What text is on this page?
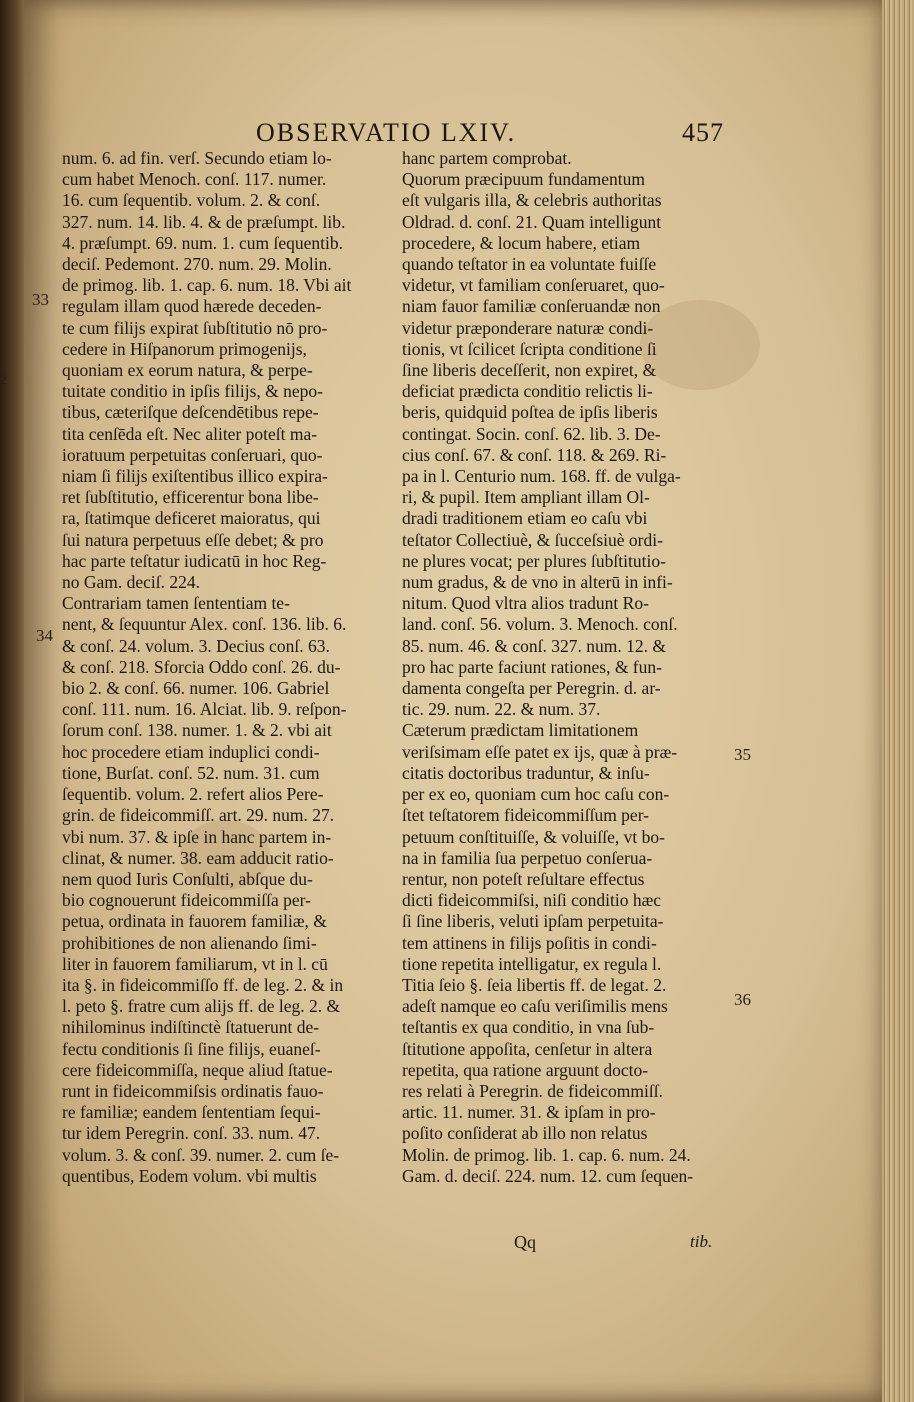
2
OBSERVATIO LXIV.	457
num. 6. ad fin. verſ. Secundo etiam lo-
cum habet Menoch. conſ. 117. numer.
16. cum ſequentib. volum. 2. & conſ.
327. num. 14. lib. 4. & de præſumpt. lib.
4. præſumpt. 69. num. 1. cum ſequentib.
deciſ. Pedemont. 270. num. 29. Molin.
de primog. lib. 1. cap. 6. num. 18. Vbi ait
regulam illam quod hærede deceden-
te cum filijs expirat ſubſtitutio nō pro-
cedere in Hiſpanorum primogenijs,
quoniam ex eorum natura, & perpe-
tuitate conditio in ipſis filijs, & nepo-
tibus, cæteriſque deſcendētibus repe-
tita cenſēda eſt. Nec aliter poteſt ma-
ioratuum perpetuitas conſeruari, quo-
niam ſi filijs exiſtentibus illico expira-
ret ſubſtitutio, efficerentur bona libe-
ra, ſtatimque deficeret maioratus, qui
ſui natura perpetuus eſſe debet; & pro
hac parte teſtatur iudicatū in hoc Reg-
no Gam. deciſ. 224.
Contrariam tamen ſententiam te-
nent, & ſequuntur Alex. conſ. 136. lib. 6.
& conſ. 24. volum. 3. Decius conſ. 63.
& conſ. 218. Sforcia Oddo conſ. 26. du-
bio 2. & conſ. 66. numer. 106. Gabriel
conſ. 111. num. 16. Alciat. lib. 9. reſpon-
ſorum conſ. 138. numer. 1. & 2. vbi ait
hoc procedere etiam induplici condi-
tione, Burſat. conſ. 52. num. 31. cum
ſequentib. volum. 2. refert alios Pere-
grin. de fideicommiſſ. art. 29. num. 27.
vbi num. 37. & ipſe in hanc partem in-
clinat, & numer. 38. eam adducit ratio-
nem quod Iuris Conſulti, abſque du-
bio cognouerunt fideicommiſſa per-
petua, ordinata in fauorem familiæ, &
prohibitiones de non alienando ſimi-
liter in fauorem familiarum, vt in l. cū
ita §. in fideicommiſſo ff. de leg. 2. & in
l. peto §. fratre cum alijs ff. de leg. 2. &
nihilominus indiſtinctè ſtatuerunt de-
fectu conditionis ſi ſine filijs, euaneſ-
cere fideicommiſſa, neque aliud ſtatue-
runt in fideicommiſsis ordinatis fauo-
re familiæ; eandem ſententiam ſequi-
tur idem Peregrin. conſ. 33. num. 47.
volum. 3. & conſ. 39. numer. 2. cum ſe-
quentibus, Eodem volum. vbi multis
hanc partem comprobat.
Quorum præcipuum fundamentum
eſt vulgaris illa, & celebris authoritas
Oldrad. d. conſ. 21. Quam intelligunt
procedere, & locum habere, etiam
quando teſtator in ea voluntate fuiſſe
videtur, vt familiam conſeruaret, quo-
niam fauor familiæ conſeruandæ non
videtur præponderare naturæ condi-
tionis, vt ſcilicet ſcripta conditione ſi
ſine liberis deceſſerit, non expiret, &
deficiat prædicta conditio relictis li-
beris, quidquid poſtea de ipſis liberis
contingat. Socin. conſ. 62. lib. 3. De-
cius conſ. 67. & conſ. 118. & 269. Ri-
pa in l. Centurio num. 168. ff. de vulga-
ri, & pupil. Item ampliant illam Ol-
dradi traditionem etiam eo caſu vbi
teſtator Collectiuè, & ſucceſsiuè ordi-
ne plures vocat; per plures ſubſtitutio-
num gradus, & de vno in alterū in infi-
nitum. Quod vltra alios tradunt Ro-
land. conſ. 56. volum. 3. Menoch. conſ.
85. num. 46. & conſ. 327. num. 12. &
pro hac parte faciunt rationes, & fun-
damenta congeſta per Peregrin. d. ar-
tic. 29. num. 22. & num. 37.
Cæterum prædictam limitationem
veriſsimam eſſe patet ex ijs, quæ à præ-
citatis doctoribus traduntur, & inſu-
per ex eo, quoniam cum hoc caſu con-
ſtet teſtatorem fideicommiſſum per-
petuum conſtituiſſe, & voluiſſe, vt bo-
na in familia ſua perpetuo conſerua-
rentur, non poteſt reſultare effectus
dicti fideicommiſsi, niſi conditio hæc
ſi ſine liberis, veluti ipſam perpetuita-
tem attinens in filijs poſitis in condi-
tione repetita intelligatur, ex regula l.
Titia ſeio §. ſeia libertis ff. de legat. 2.
adeſt namque eo caſu veriſimilis mens
teſtantis ex qua conditio, in vna ſub-
ſtitutione appoſita, cenſetur in altera
repetita, qua ratione arguunt docto-
res relati à Peregrin. de fideicommiſſ.
artic. 11. numer. 31. & ipſam in pro-
poſito conſiderat ab illo non relatus
Molin. de primog. lib. 1. cap. 6. num. 24.
Gam. d. deciſ. 224. num. 12. cum ſequen-
33
34
35
36
Qq	tib.
